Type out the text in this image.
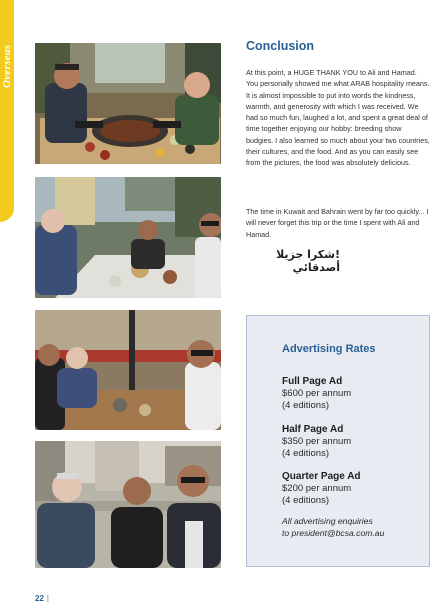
Overseas	Conclusion

At this point, a HUGE THANK YOU to Ali and Hamad. You personally showed me what ARAB hospitality means. It is almost impossible to put into words the kindness, warmth, and generosity with which I was received. We had so much fun, laughed a lot, and spent a great deal of time together enjoying our hobby: breeding show budgies. I also learned so much about your two countries, their cultures, and the food. And as you can easily see from the pictures, the food was absolutely delicious.

The time in Kuwait and Bahrain went by far too quickly... I will never forget this trip or the time I spent with Ali and Hamad.

!شكرا جزيلا أصدقائي
Advertising Rates
Full Page Ad
$600 per annum
(4 editions)
Half Page Ad
$350 per annum
(4 editions)
Quarter Page Ad
$200 per annum
(4 editions)
All advertising enquiries
to president@bcsa.com.au
22 |
